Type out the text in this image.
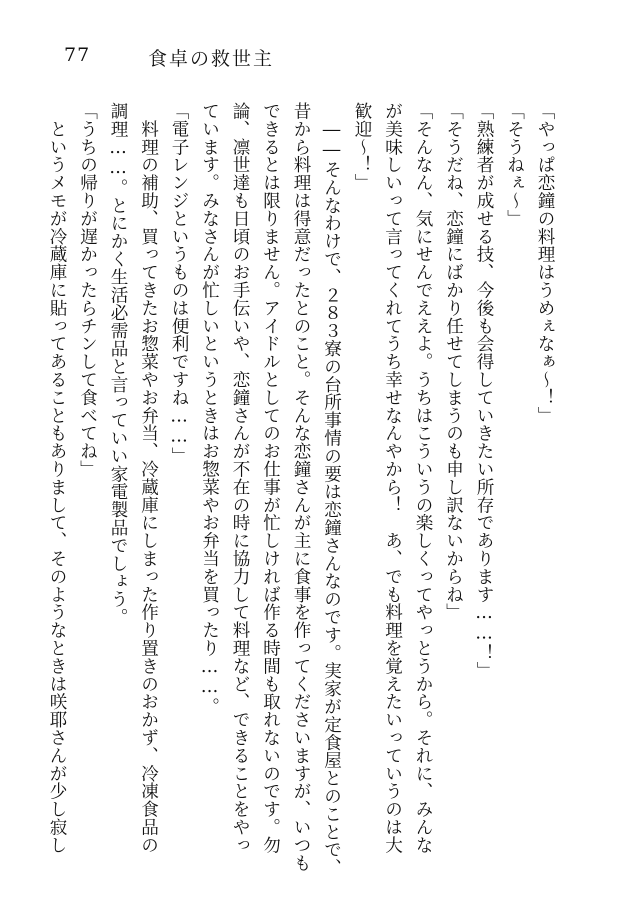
77	食卓の救世主
「やっぱ恋鐘の料理はうめぇなぁ～！」
「そうねぇ～」
「熟練者が成せる技、今後も会得していきたい所存であります……！」
「そうだね、恋鐘にばかり任せてしまうのも申し訳ないからね」
「そんなん、気にせんでええよ。うちはこういうの楽しくってやっとうから。それに、みんな
が美味しいって言ってくれてうち幸せなんやから！　あ、でも料理を覚えたいっていうのは大
歓迎～！」
　――そんなわけで、２８３寮の台所事情の要は恋鐘さんなのです。実家が定食屋とのことで、
昔から料理は得意だったとのこと。そんな恋鐘さんが主に食事を作ってくださいますが、いつも
できるとは限りません。アイドルとしてのお仕事が忙しければ作る時間も取れないのです。勿
論、凛世達も日頃のお手伝いや、恋鐘さんが不在の時に協力して料理など、できることをやっ
ています。みなさんが忙しいというときはお惣菜やお弁当を買ったり……。
「電子レンジというものは便利ですね……」
　料理の補助、買ってきたお惣菜やお弁当、冷蔵庫にしまった作り置きのおかず、冷凍食品の
調理……。とにかく生活必需品と言っていい家電製品でしょう。
「うちの帰りが遅かったらチンして食べてね」
　というメモが冷蔵庫に貼ってあることもありまして、そのようなときは咲耶さんが少し寂し
